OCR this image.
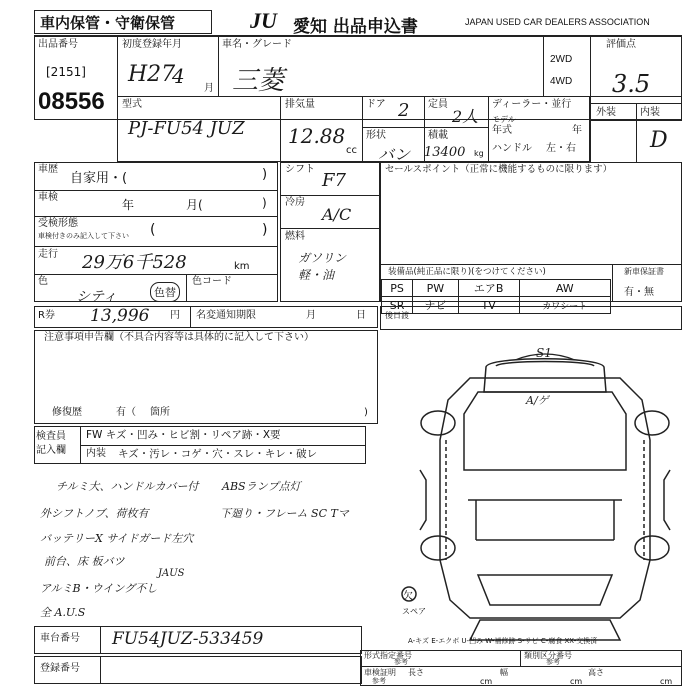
車内保管・守衛保管	JU 愛知 出品申込書	JAPAN USED CAR DEALERS ASSOCIATION
出品番号
[2151]
08556
初度登録年月
H27
4
月
車名・グレード
三菱
2WD
4WD
評価点
3.5
外装 内装
D
型式
PJ-FU54 JUZ
排気量
12.88
cc
ドア 2
形状
バン
定員
2人
積載
13400 kg
ディーラー・並行
モデル
年式	年
ハンドル 左・右
車歴
自家用・(	)
車検
年	月(	)
受検形態
車検付きのみ記入して下さい (	)
走行 29万6千528	km
色
シティ	色替
色コード
シフト
F7
冷房
A/C
燃料
ガソリン 軽・油
セールスポイント（正常に機能するものに限ります）
装備品(純正品に限り)(をつけてください)
PS	PW	エアB	AW
SR	ナビ	TV	カワシート
新車保証書
有・無
R券 13,996 円 名変通知期限	月	日 後日渡
注意事項申告欄（不具合内容等は具体的に記入して下さい）
修復歴	有（ 箇所	)
検査員
記入欄
FW キズ・凹み・ヒビ割・リペア跡・X要
内装 キズ・汚レ・コゲ・穴・スレ・キレ・破レ
チルミ大、ハンドルカバー付 ABSランプ点灯
外シフトノブ、荷枚有	下廻り・フレーム SC Tマ
バッテリーX サイドガード左穴
前台、床 板バツ
アルミB・ウイング不し
JAUS
全 A.U.S
S1
A/ゲ
欠
スペア
A-キズ E-エクボ U-凹み W-補修跡 S-サビ C-腐食 XX-交換済
車台番号 FU54JUZ-533459
登録番号
形式指定番号
参考
類別区分番号
参考
車検証明
参考
長さ
cm
幅
cm
高さ
cm
